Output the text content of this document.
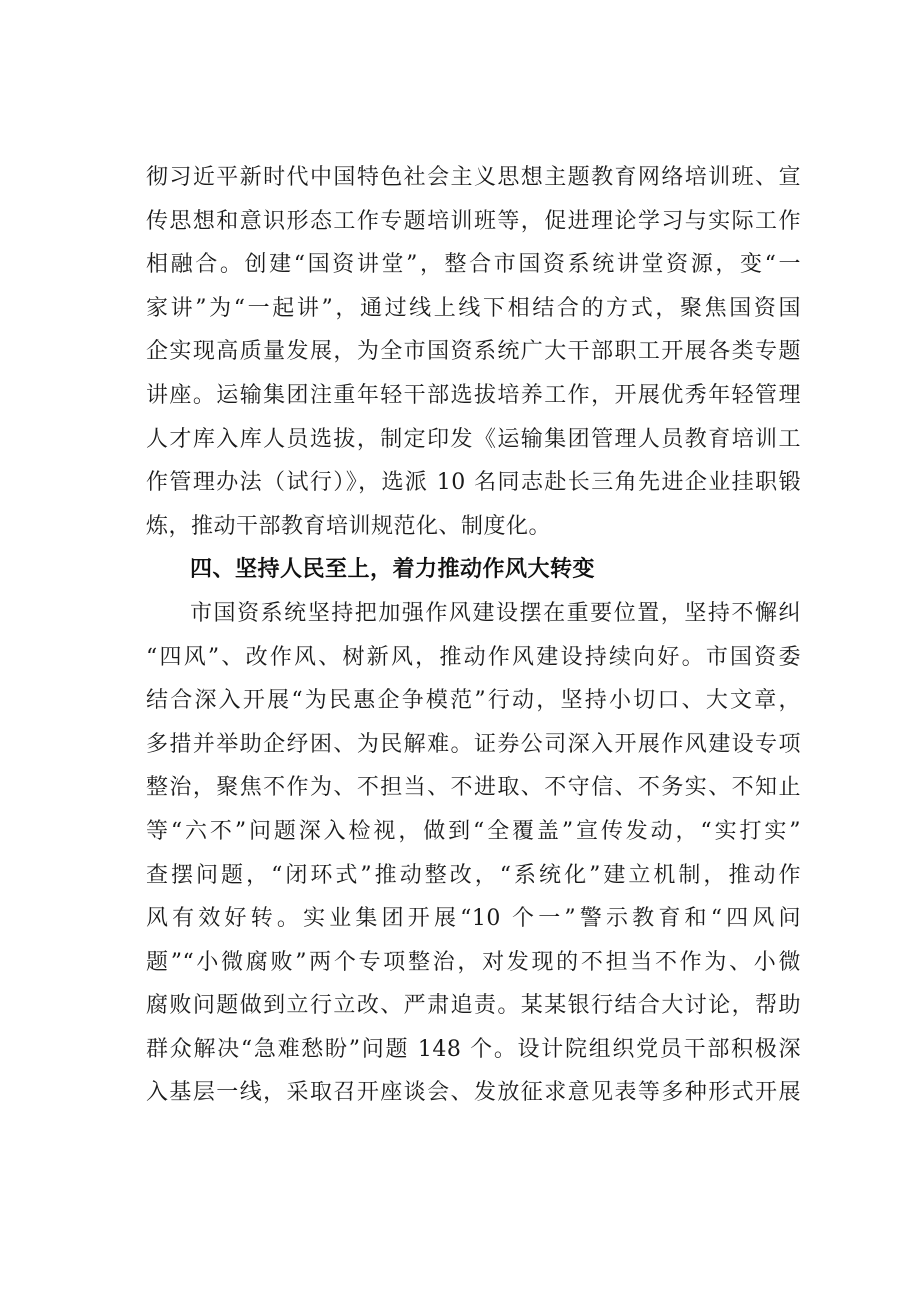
彻习近平新时代中国特色社会主义思想主题教育网络培训班、宣
传思想和意识形态工作专题培训班等，促进理论学习与实际工作
相融合。创建“国资讲堂”，整合市国资系统讲堂资源，变“一
家讲”为“一起讲”，通过线上线下相结合的方式，聚焦国资国
企实现高质量发展，为全市国资系统广大干部职工开展各类专题
讲座。运输集团注重年轻干部选拔培养工作，开展优秀年轻管理
人才库入库人员选拔，制定印发《运输集团管理人员教育培训工
作管理办法（试行）》，选派 10 名同志赴长三角先进企业挂职锻
炼，推动干部教育培训规范化、制度化。
四、坚持人民至上，着力推动作风大转变
市国资系统坚持把加强作风建设摆在重要位置，坚持不懈纠
“四风”、改作风、树新风，推动作风建设持续向好。市国资委
结合深入开展“为民惠企争模范”行动，坚持小切口、大文章，
多措并举助企纾困、为民解难。证券公司深入开展作风建设专项
整治，聚焦不作为、不担当、不进取、不守信、不务实、不知止
等“六不”问题深入检视，做到“全覆盖”宣传发动，“实打实”
查摆问题，“闭环式”推动整改，“系统化”建立机制，推动作
风有效好转。实业集团开展“10 个一”警示教育和“四风问
题”“小微腐败”两个专项整治，对发现的不担当不作为、小微
腐败问题做到立行立改、严肃追责。某某银行结合大讨论，帮助
群众解决“急难愁盼”问题 148 个。设计院组织党员干部积极深
入基层一线，采取召开座谈会、发放征求意见表等多种形式开展
